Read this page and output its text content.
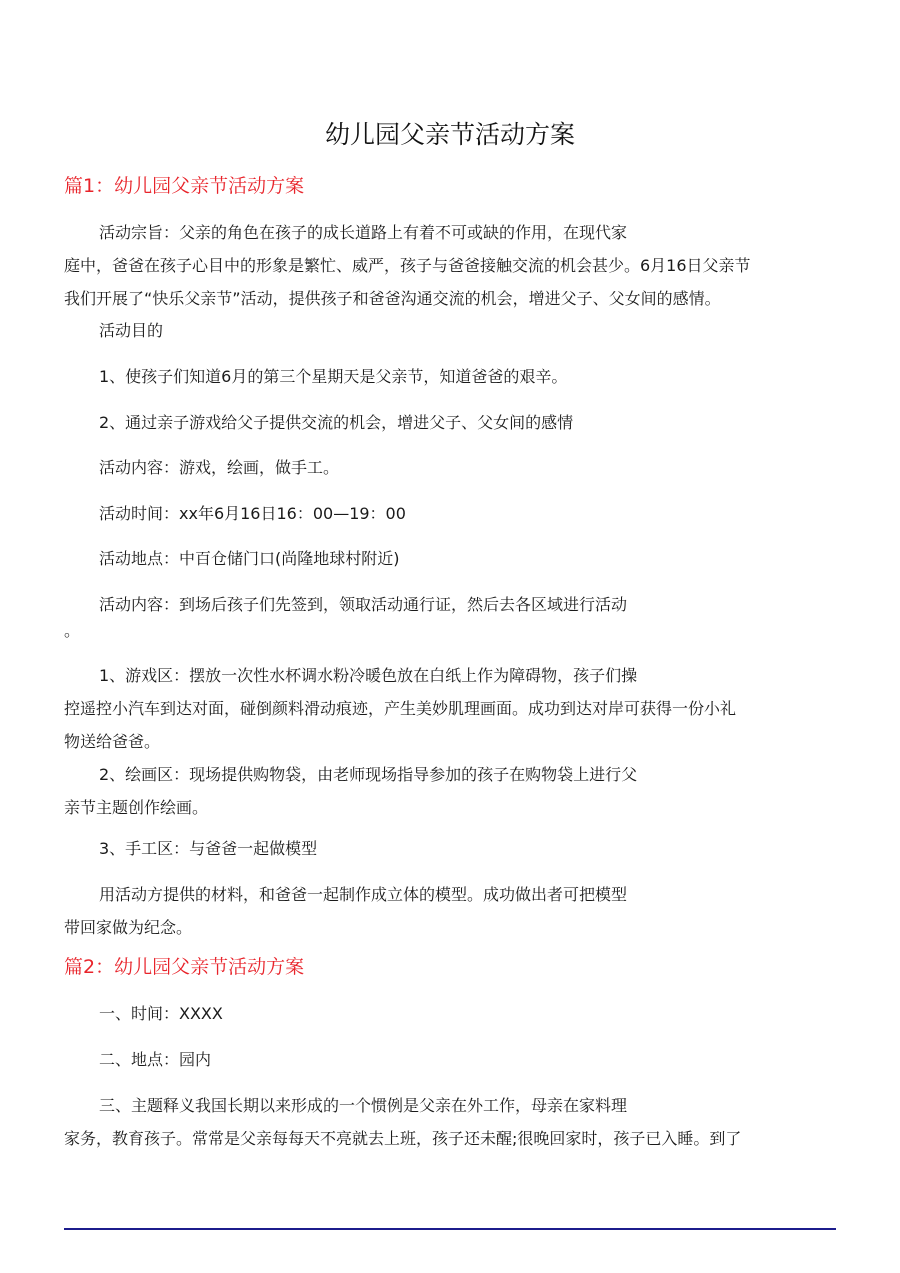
幼儿园父亲节活动方案
篇1：幼儿园父亲节活动方案
活动宗旨：父亲的角色在孩子的成长道路上有着不可或缺的作用，在现代家
庭中，爸爸在孩子心目中的形象是繁忙、威严，孩子与爸爸接触交流的机会甚少。6月16日父亲节
我们开展了“快乐父亲节”活动，提供孩子和爸爸沟通交流的机会，增进父子、父女间的感情。
活动目的
1、使孩子们知道6月的第三个星期天是父亲节，知道爸爸的艰辛。
2、通过亲子游戏给父子提供交流的机会，增进父子、父女间的感情
活动内容：游戏，绘画，做手工。
活动时间：xx年6月16日16：00—19：00
活动地点：中百仓储门口(尚隆地球村附近)
活动内容：到场后孩子们先签到，领取活动通行证，然后去各区域进行活动
。
1、游戏区：摆放一次性水杯调水粉冷暖色放在白纸上作为障碍物，孩子们操
控遥控小汽车到达对面，碰倒颜料滑动痕迹，产生美妙肌理画面。成功到达对岸可获得一份小礼
物送给爸爸。
2、绘画区：现场提供购物袋，由老师现场指导参加的孩子在购物袋上进行父
亲节主题创作绘画。
3、手工区：与爸爸一起做模型
用活动方提供的材料，和爸爸一起制作成立体的模型。成功做出者可把模型
带回家做为纪念。
篇2：幼儿园父亲节活动方案
一、时间：XXXX
二、地点：园内
三、主题释义我国长期以来形成的一个惯例是父亲在外工作，母亲在家料理
家务，教育孩子。常常是父亲每每天不亮就去上班，孩子还未醒;很晚回家时，孩子已入睡。到了
